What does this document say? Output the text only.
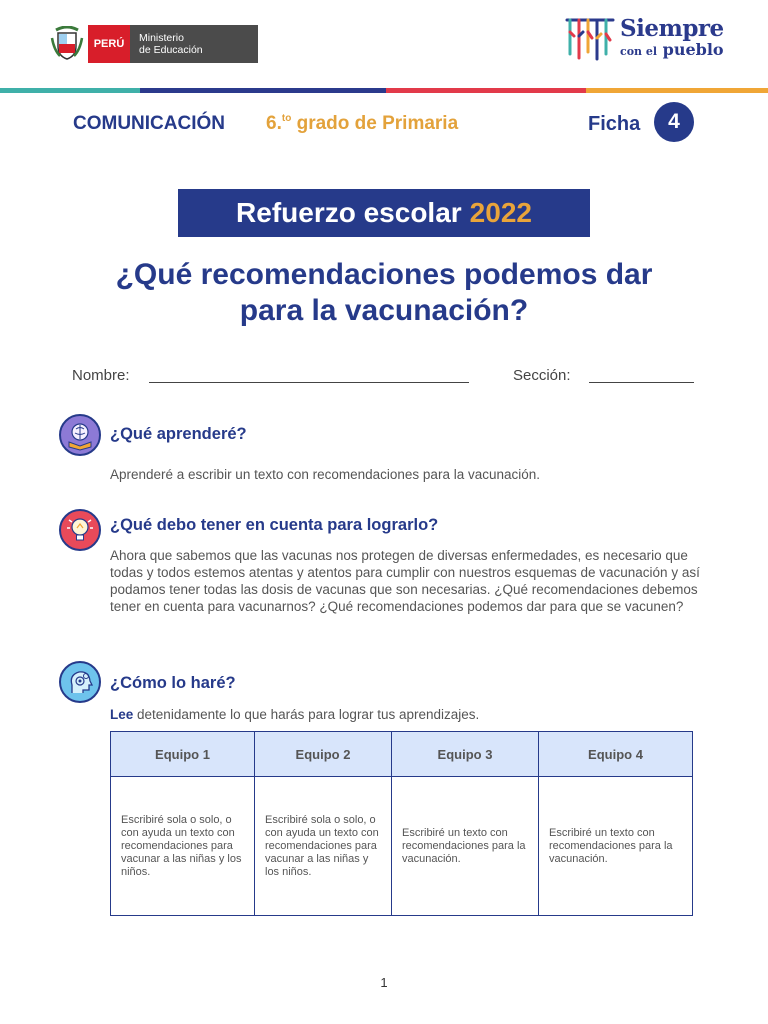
PERÚ	Ministerio
de Educación
Siempre
con el pueblo
COMUNICACIÓN 6.$^{to}$ grado de Primaria	Ficha	4
Refuerzo escolar 2022
¿Qué recomendaciones podemos dar
para la vacunación?
Nombre:	Sección:
¿Qué aprenderé?
Aprenderé a escribir un texto con recomendaciones para la vacunación.
¿Qué debo tener en cuenta para lograrlo?
Ahora que sabemos que las vacunas nos protegen de diversas enfermedades, es necesario que todas y todos estemos atentas y atentos para cumplir con nuestros esquemas de vacunación y así podamos tener todas las dosis de vacunas que son necesarias. ¿Qué recomendaciones debemos tener en cuenta para vacunarnos? ¿Qué recomendaciones podemos dar para que se vacunen?
¿Cómo lo haré?
Lee detenidamente lo que harás para lograr tus aprendizajes.
Equipo 1	Equipo 2	Equipo 3	Equipo 4
Escribiré sola o solo, o con ayuda un texto con recomendaciones para vacunar a las niñas y los niños.	Escribiré sola o solo, o con ayuda un texto con recomendaciones para vacunar a las niñas y los niños.	Escribiré un texto con recomendaciones para la vacunación.	Escribiré un texto con recomendaciones para la vacunación.
1
